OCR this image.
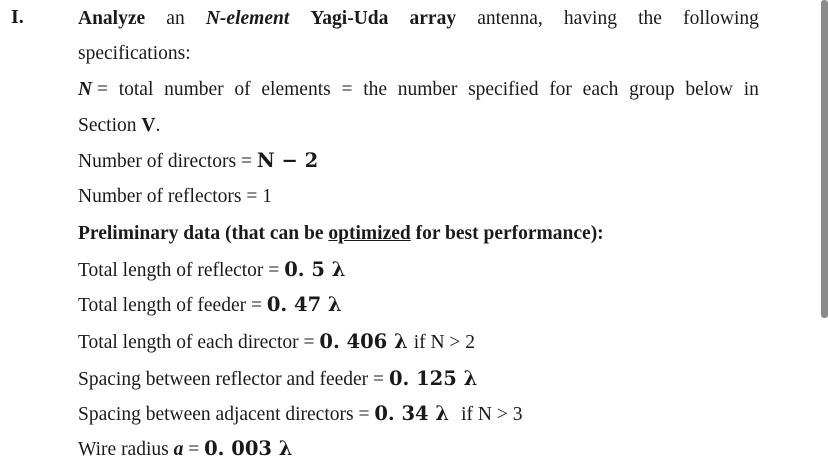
I.	Analyze an N-element Yagi-Uda array antenna, having the following
specifications:
N = total number of elements = the number specified for each group below in
Section V.
Number of directors = N − 2
Number of reflectors = 1
Preliminary data (that can be optimized for best performance):
Total length of reflector = 0. 5 λ
Total length of feeder = 0. 47 λ
Total length of each director = 0. 406 λ if N > 2
Spacing between reflector and feeder = 0. 125 λ
Spacing between adjacent directors = 0. 34 λ if N > 3
Wire radius a = 0. 003 λ
